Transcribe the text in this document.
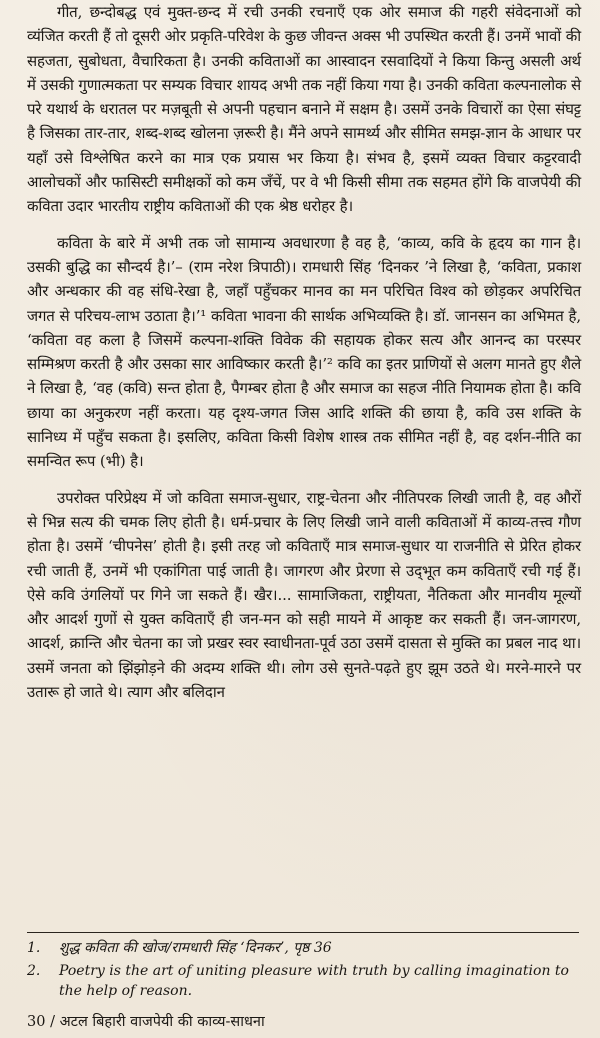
गीत, छन्दोबद्ध एवं मुक्त-छन्द में रची उनकी रचनाएँ एक ओर समाज की गहरी संवेदनाओं को व्यंजित करती हैं तो दूसरी ओर प्रकृति-परिवेश के कुछ जीवन्त अक्स भी उपस्थित करती हैं। उनमें भावों की सहजता, सुबोधता, वैचारिकता है। उनकी कविताओं का आस्वादन रसवादियों ने किया किन्तु असली अर्थ में उसकी गुणात्मकता पर सम्यक विचार शायद अभी तक नहीं किया गया है। उनकी कविता कल्पनालोक से परे यथार्थ के धरातल पर मज़बूती से अपनी पहचान बनाने में सक्षम है। उसमें उनके विचारों का ऐसा संघट्ट है जिसका तार-तार, शब्द-शब्द खोलना ज़रूरी है। मैंने अपने सामर्थ्य और सीमित समझ-ज्ञान के आधार पर यहाँ उसे विश्लेषित करने का मात्र एक प्रयास भर किया है। संभव है, इसमें व्यक्त विचार कट्टरवादी आलोचकों और फासिस्टी समीक्षकों को कम जँचें, पर वे भी किसी सीमा तक सहमत होंगे कि वाजपेयी की कविता उदार भारतीय राष्ट्रीय कविताओं की एक श्रेष्ठ धरोहर है।

कविता के बारे में अभी तक जो सामान्य अवधारणा है वह है, ‘काव्य, कवि के हृदय का गान है। उसकी बुद्धि का सौन्दर्य है।’– (राम नरेश त्रिपाठी)। रामधारी सिंह ‘दिनकर ’ने लिखा है, ‘कविता, प्रकाश और अन्धकार की वह संधि-रेखा है, जहाँ पहुँचकर मानव का मन परिचित विश्व को छोड़कर अपरिचित जगत से परिचय-लाभ उठाता है।’¹ कविता भावना की सार्थक अभिव्यक्ति है। डॉ. जानसन का अभिमत है, ‘कविता वह कला है जिसमें कल्पना-शक्ति विवेक की सहायक होकर सत्य और आनन्द का परस्पर सम्मिश्रण करती है और उसका सार आविष्कार करती है।’² कवि का इतर प्राणियों से अलग मानते हुए शैले ने लिखा है, ‘वह (कवि) सन्त होता है, पैगम्बर होता है और समाज का सहज नीति नियामक होता है। कवि छाया का अनुकरण नहीं करता। यह दृश्य-जगत जिस आदि शक्ति की छाया है, कवि उस शक्ति के सानिध्य में पहुँच सकता है। इसलिए, कविता किसी विशेष शास्त्र तक सीमित नहीं है, वह दर्शन-नीति का समन्वित रूप (भी) है।

उपरोक्त परिप्रेक्ष्य में जो कविता समाज-सुधार, राष्ट्र-चेतना और नीतिपरक लिखी जाती है, वह औरों से भिन्न सत्य की चमक लिए होती है। धर्म-प्रचार के लिए लिखी जाने वाली कविताओं में काव्य-तत्त्व गौण होता है। उसमें ‘चीपनेस’ होती है। इसी तरह जो कविताएँ मात्र समाज-सुधार या राजनीति से प्रेरित होकर रची जाती हैं, उनमें भी एकांगिता पाई जाती है। जागरण और प्रेरणा से उद्‌भूत कम कविताएँ रची गई हैं। ऐसे कवि उंगलियों पर गिने जा सकते हैं। खैर।... सामाजिकता, राष्ट्रीयता, नैतिकता और मानवीय मूल्यों और आदर्श गुणों से युक्त कविताएँ ही जन-मन को सही मायने में आकृष्ट कर सकती हैं। जन-जागरण, आदर्श, क्रान्ति और चेतना का जो प्रखर स्वर स्वाधीनता-पूर्व उठा उसमें दासता से मुक्ति का प्रबल नाद था। उसमें जनता को झिंझोड़ने की अदम्य शक्ति थी। लोग उसे सुनते-पढ़ते हुए झूम उठते थे। मरने-मारने पर उतारू हो जाते थे। त्याग और बलिदान

1.	शुद्ध कविता की खोज/रामधारी सिंह ‘दिनकर’, पृष्ठ 36
2.	Poetry is the art of uniting pleasure with truth by calling imagination to the help of reason.
30 / अटल बिहारी वाजपेयी की काव्य-साधना
